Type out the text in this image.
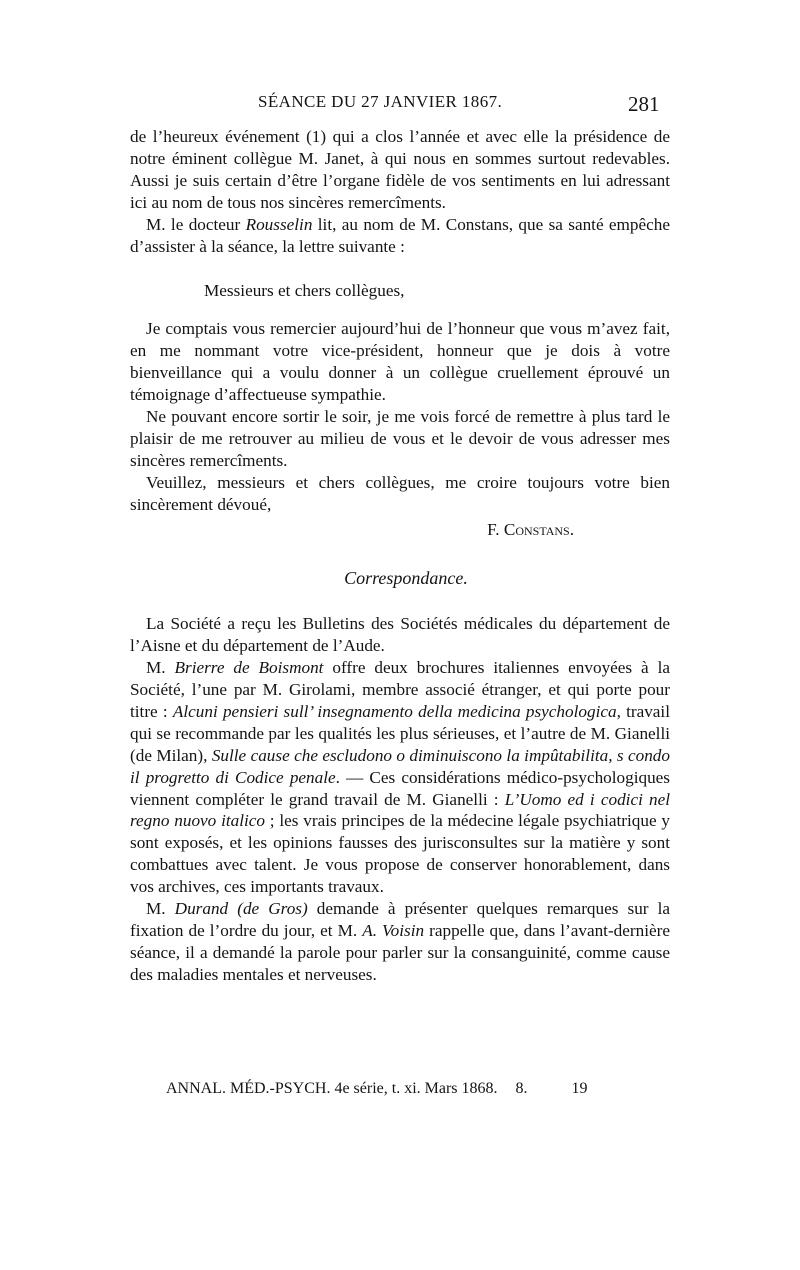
SÉANCE DU 27 JANVIER 1867.	281

de l’heureux événement (1) qui a clos l’année et avec elle la présidence de notre éminent collègue M. Janet, à qui nous en sommes surtout redevables. Aussi je suis certain d’être l’organe fidèle de vos sentiments en lui adressant ici au nom de tous nos sincères remercîments.

M. le docteur Rousselin lit, au nom de M. Constans, que sa santé empêche d’assister à la séance, la lettre suivante :

Messieurs et chers collègues,

Je comptais vous remercier aujourd’hui de l’honneur que vous m’avez fait, en me nommant votre vice-président, honneur que je dois à votre bienveillance qui a voulu donner à un collègue cruellement éprouvé un témoignage d’affectueuse sympathie.

Ne pouvant encore sortir le soir, je me vois forcé de remettre à plus tard le plaisir de me retrouver au milieu de vous et le devoir de vous adresser mes sincères remercîments.

Veuillez, messieurs et chers collègues, me croire toujours votre bien sincèrement dévoué,

F. Constans.

Correspondance.

La Société a reçu les Bulletins des Sociétés médicales du département de l’Aisne et du département de l’Aude.

M. Brierre de Boismont offre deux brochures italiennes envoyées à la Société, l’une par M. Girolami, membre associé étranger, et qui porte pour titre : Alcuni pensieri sull’ insegnamento della medicina psychologica, travail qui se recommande par les qualités les plus sérieuses, et l’autre de M. Gianelli (de Milan), Sulle cause che escludono o diminuiscono la impûtabilita, s condo il progretto di Codice penale. — Ces considérations médico-psychologiques viennent compléter le grand travail de M. Gianelli : L’Uomo ed i codici nel regno nuovo italico ; les vrais principes de la médecine légale psychiatrique y sont exposés, et les opinions fausses des jurisconsultes sur la matière y sont combattues avec talent. Je vous propose de conserver honorablement, dans vos archives, ces importants travaux.

M. Durand (de Gros) demande à présenter quelques remarques sur la fixation de l’ordre du jour, et M. A. Voisin rappelle que, dans l’avant-dernière séance, il a demandé la parole pour parler sur la consanguinité, comme cause des maladies mentales et nerveuses.

ANNAL. MÉD.-PSYCH. 4e série, t. xi. Mars 1868. 8.	19
